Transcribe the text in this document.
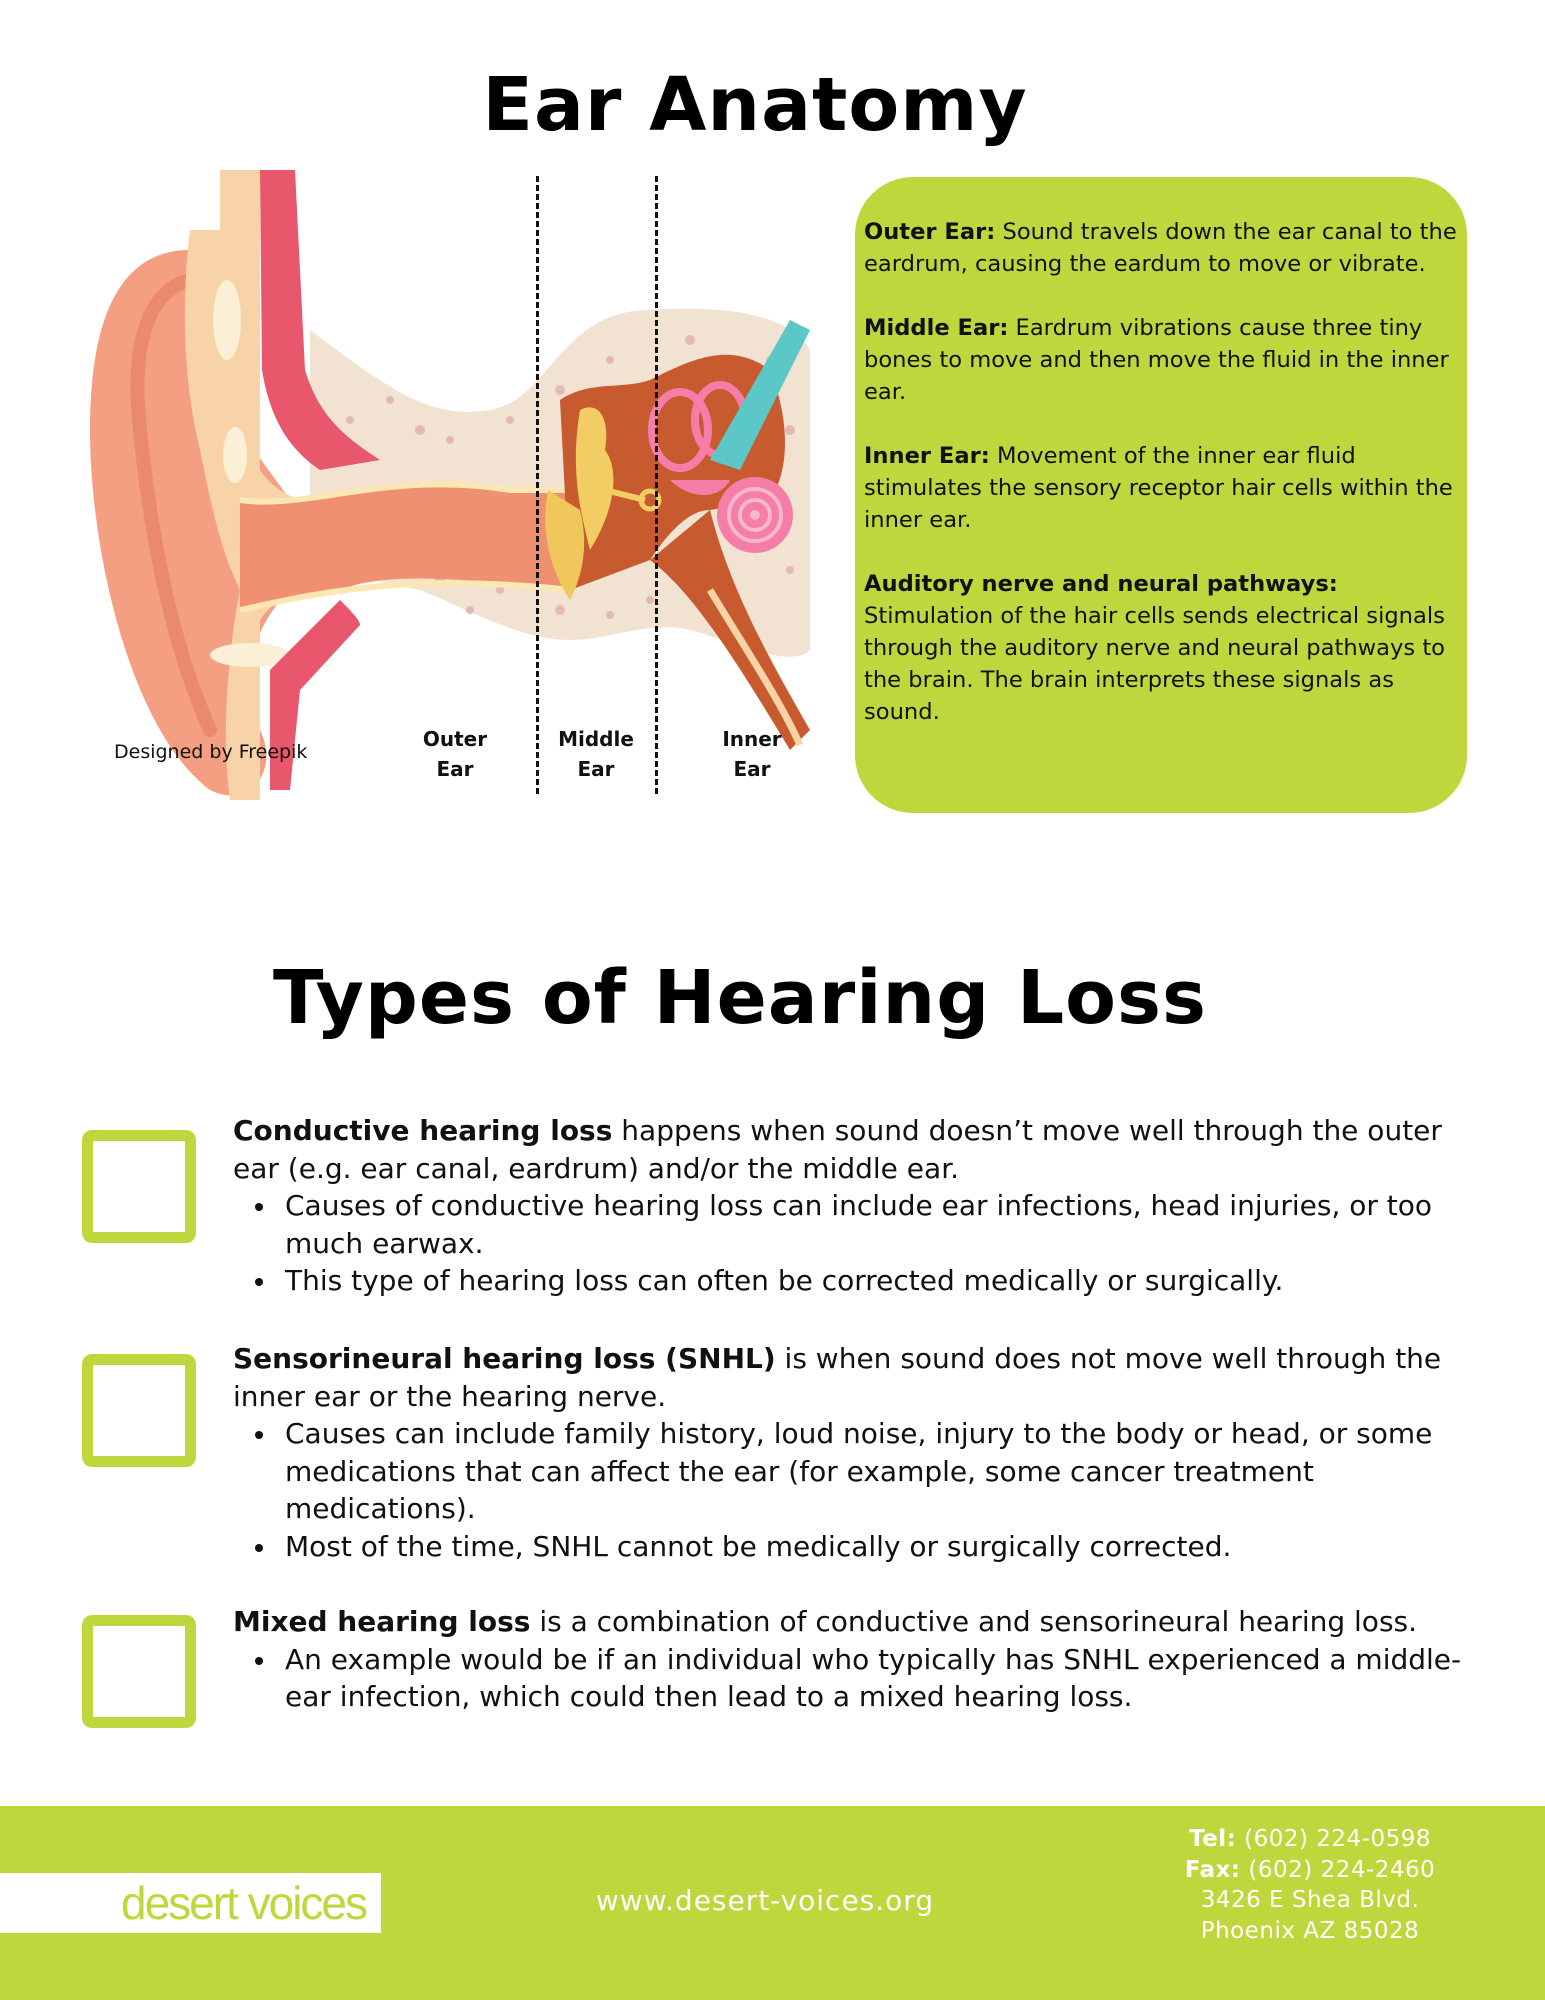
Ear Anatomy
Designed by Freepik
Outer
Ear
Middle
Ear
Inner
Ear

Outer Ear: Sound travels down the ear canal to the eardrum, causing the eardum to move or vibrate.

Middle Ear: Eardrum vibrations cause three tiny bones to move and then move the fluid in the inner ear.

Inner Ear: Movement of the inner ear fluid stimulates the sensory receptor hair cells within the inner ear.

Auditory nerve and neural pathways:
Stimulation of the hair cells sends electrical signals through the auditory nerve and neural pathways to the brain. The brain interprets these signals as sound.

Types of Hearing Loss

Conductive hearing loss happens when sound doesn’t move well through the outer ear (e.g. ear canal, eardrum) and/or the middle ear.

Causes of conductive hearing loss can include ear infections, head injuries, or too much earwax.
This type of hearing loss can often be corrected medically or surgically.

Sensorineural hearing loss (SNHL) is when sound does not move well through the inner ear or the hearing nerve.

Causes can include family history, loud noise, injury to the body or head, or some medications that can affect the ear (for example, some cancer treatment medications).
Most of the time, SNHL cannot be medically or surgically corrected.

Mixed hearing loss is a combination of conductive and sensorineural hearing loss.

An example would be if an individual who typically has SNHL experienced a middle-ear infection, which could then lead to a mixed hearing loss.
desert voices	www.desert-voices.org
Tel: (602) 224-0598
Fax: (602) 224-2460
3426 E Shea Blvd.
Phoenix AZ 85028
